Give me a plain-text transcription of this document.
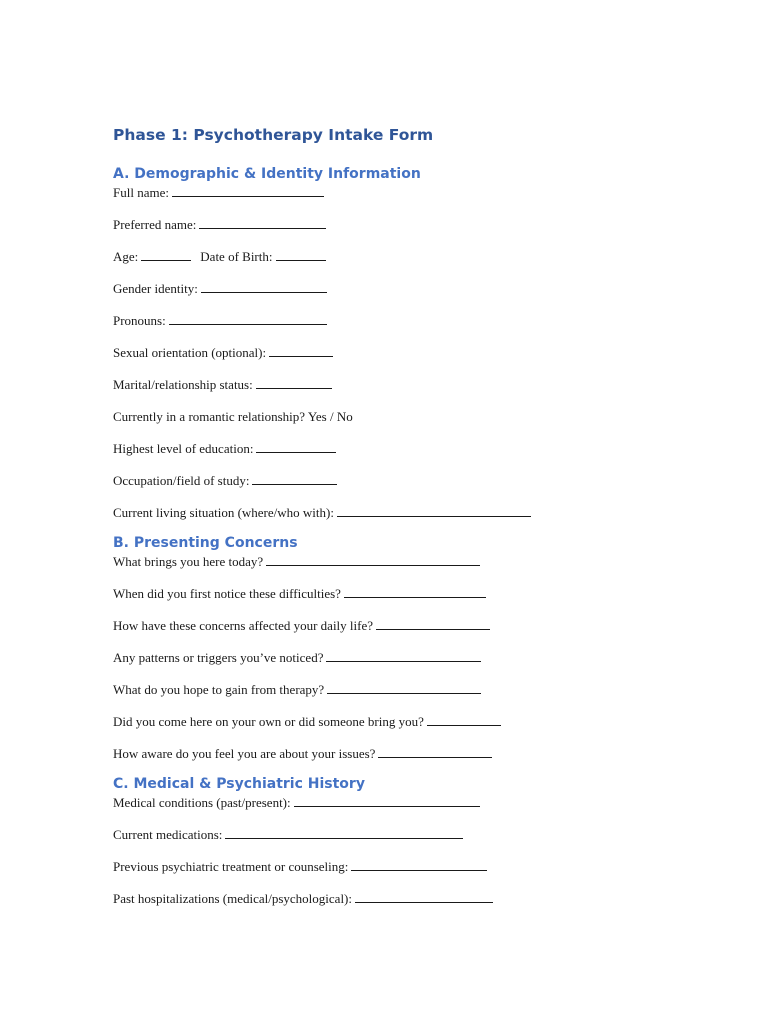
Phase 1: Psychotherapy Intake Form
A. Demographic & Identity Information

Full name:

Preferred name:

Age:	Date of Birth:

Gender identity:

Pronouns:

Sexual orientation (optional):

Marital/relationship status:

Currently in a romantic relationship? Yes / No

Highest level of education:

Occupation/field of study:

Current living situation (where/who with):

B. Presenting Concerns

What brings you here today?

When did you first notice these difficulties?

How have these concerns affected your daily life?

Any patterns or triggers you’ve noticed?

What do you hope to gain from therapy?

Did you come here on your own or did someone bring you?

How aware do you feel you are about your issues?

C. Medical & Psychiatric History

Medical conditions (past/present):

Current medications:

Previous psychiatric treatment or counseling:

Past hospitalizations (medical/psychological):
